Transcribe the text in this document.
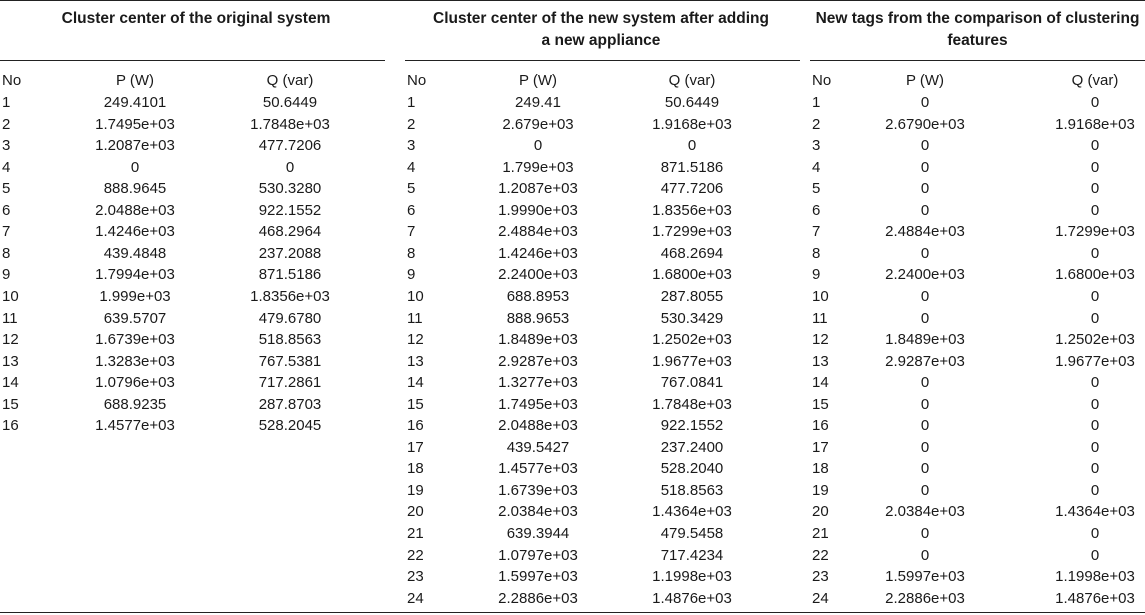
Cluster center of the original system
No	P (W)	Q (var)
1	249.4101	50.6449
2	1.7495e+03	1.7848e+03
3	1.2087e+03	477.7206
4	0	0
5	888.9645	530.3280
6	2.0488e+03	922.1552
7	1.4246e+03	468.2964
8	439.4848	237.2088
9	1.7994e+03	871.5186
10	1.999e+03	1.8356e+03
11	639.5707	479.6780
12	1.6739e+03	518.8563
13	1.3283e+03	767.5381
14	1.0796e+03	717.2861
15	688.9235	287.8703
16	1.4577e+03	528.2045
Cluster center of the new system after adding
a new appliance
No	P (W)	Q (var)
1	249.41	50.6449
2	2.679e+03	1.9168e+03
3	0	0
4	1.799e+03	871.5186
5	1.2087e+03	477.7206
6	1.9990e+03	1.8356e+03
7	2.4884e+03	1.7299e+03
8	1.4246e+03	468.2694
9	2.2400e+03	1.6800e+03
10	688.8953	287.8055
11	888.9653	530.3429
12	1.8489e+03	1.2502e+03
13	2.9287e+03	1.9677e+03
14	1.3277e+03	767.0841
15	1.7495e+03	1.7848e+03
16	2.0488e+03	922.1552
17	439.5427	237.2400
18	1.4577e+03	528.2040
19	1.6739e+03	518.8563
20	2.0384e+03	1.4364e+03
21	639.3944	479.5458
22	1.0797e+03	717.4234
23	1.5997e+03	1.1998e+03
24	2.2886e+03	1.4876e+03
New tags from the comparison of clustering
features
No	P (W)	Q (var)
1	0	0
2	2.6790e+03	1.9168e+03
3	0	0
4	0	0
5	0	0
6	0	0
7	2.4884e+03	1.7299e+03
8	0	0
9	2.2400e+03	1.6800e+03
10	0	0
11	0	0
12	1.8489e+03	1.2502e+03
13	2.9287e+03	1.9677e+03
14	0	0
15	0	0
16	0	0
17	0	0
18	0	0
19	0	0
20	2.0384e+03	1.4364e+03
21	0	0
22	0	0
23	1.5997e+03	1.1998e+03
24	2.2886e+03	1.4876e+03
